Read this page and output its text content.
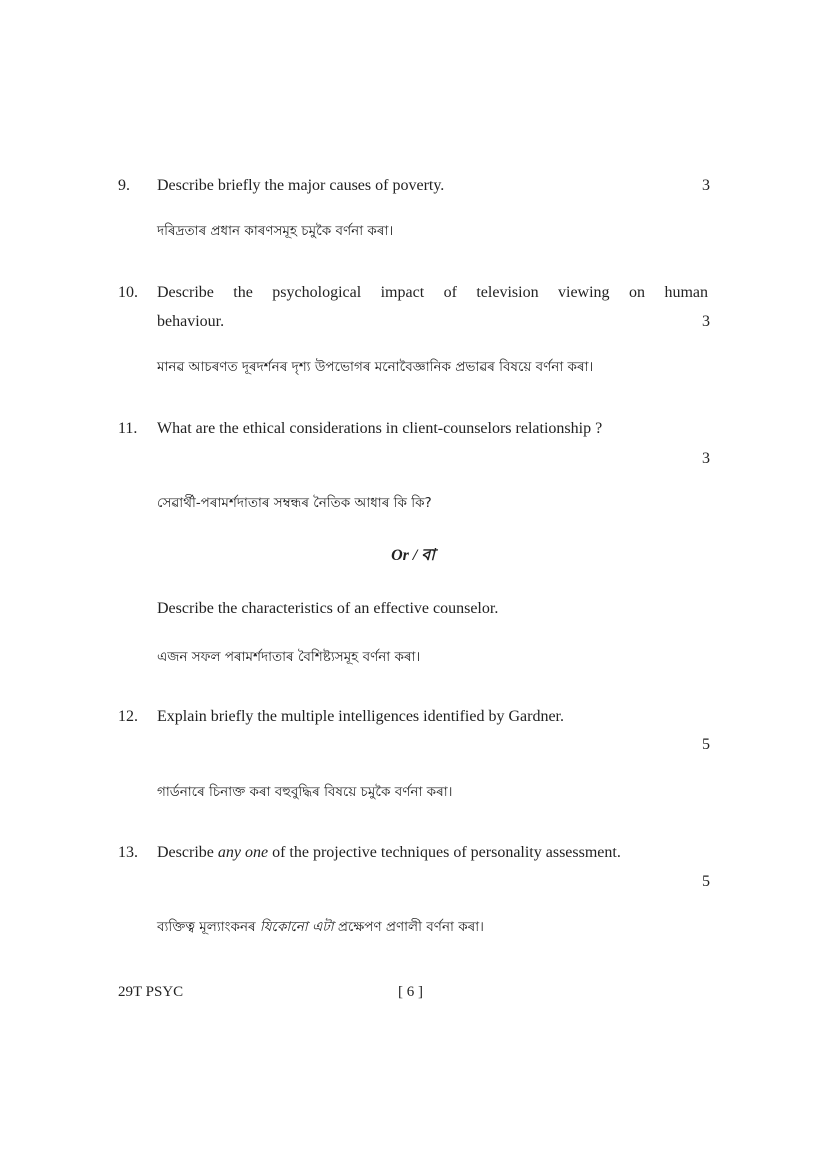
9. Describe briefly the major causes of poverty.	3
দৰিদ্ৰতাৰ প্ৰধান কাৰণসমূহ চমুকৈ বৰ্ণনা কৰা।
10. Describe the psychological impact of television viewing on human
behaviour.	3
মানৱ আচৰণত দূৰদৰ্শনৰ দৃশ্য উপভোগৰ মনোবৈজ্ঞানিক প্ৰভাৱৰ বিষয়ে বৰ্ণনা কৰা।
11. What are the ethical considerations in client-counselors relationship ?
3
সেৱাৰ্থী-পৰামৰ্শদাতাৰ সম্বন্ধৰ নৈতিক আধাৰ কি কি?
Or / বা
Describe the characteristics of an effective counselor.
এজন সফল পৰামৰ্শদাতাৰ বৈশিষ্ট্যসমূহ বৰ্ণনা কৰা।
12. Explain briefly the multiple intelligences identified by Gardner.
5
গাৰ্ডনাৰে চিনাক্ত কৰা বহুবুদ্ধিৰ বিষয়ে চমুকৈ বৰ্ণনা কৰা।
13. Describe any one of the projective techniques of personality assessment.
5
ব্যক্তিত্ব মূল্যাংকনৰ যিকোনো এটা প্ৰক্ষেপণ প্ৰণালী বৰ্ণনা কৰা।
29T PSYC	[ 6 ]
